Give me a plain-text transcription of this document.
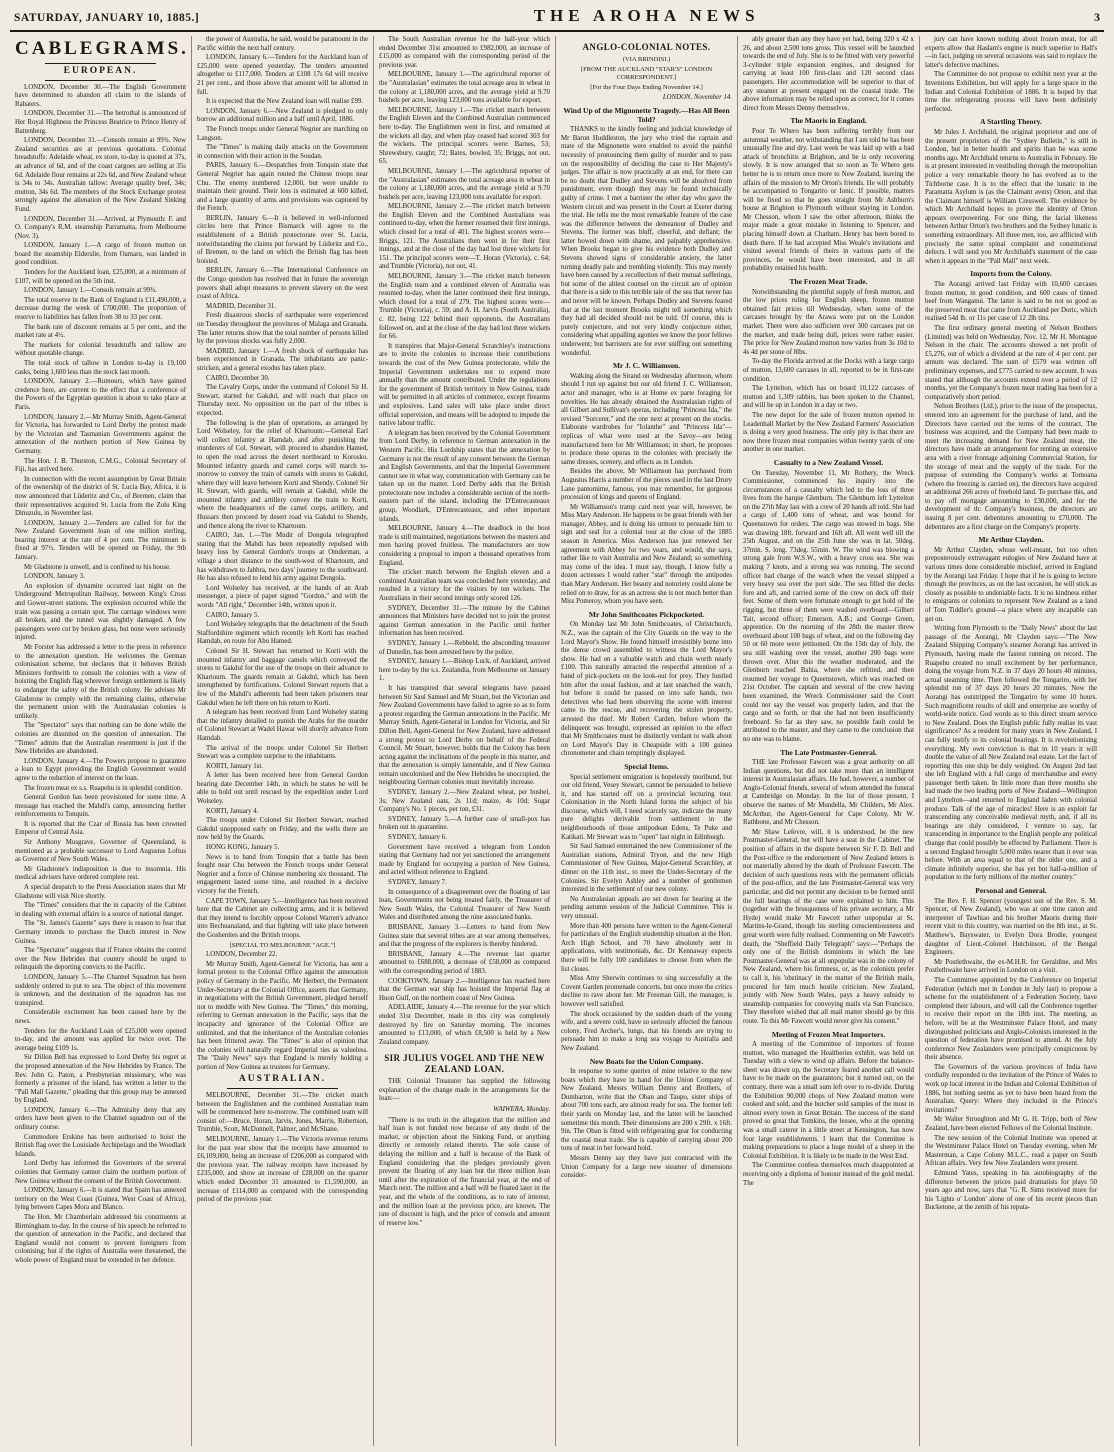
SATURDAY, JANUARY 10, 1885.]	THE AROHA NEWS	3
CABLEGRAMS.
EUROPEAN.

LONDON, December 30.—The English Government have determined to abandon all claim to the islands of Rabaters.

LONDON, December 31.—The betrothal is announced of Her Royal Highness the Princess Beatrice to Prince Henry of Battenberg.

LONDON, December 31.—Consols remain at 99¾. New Zealand securities are at previous quotations. Colonial breadstuffs: Adelaide wheat, ex store, to-day is quoted at 37s, an advance of 6d, and of the coast cargoes are selling at 35s 6d. Adelaide flour remains at 22s 6d, and New Zealand wheat is 34s to 34s. Australian tallow: Average quality beef, 34s; mutton, 34s 6d. The members of the Stock Exchange protest strongly against the alienation of the New Zealand Sinking Fund.

LONDON, December 31.—Arrived, at Plymouth: F. and O. Company's R.M. steamship Parramatta, from Melbourne (Nov. 3).

LONDON, January 1.—A cargo of frozen mutton on board the steamship Elderslie, from Oamaru, was landed in good condition.

Tenders for the Auckland loan, £25,000, at a minimum of £107, will be opened on the 5th inst.

LONDON, January 1.—Consols remain at 99¾.

The total reserve in the Bank of England is £11,490,000, a decrease during the week of £700,000. The proportion of reserve to liabilities has fallen from 38 to 33 per cent.

The bank rate of discount remains at 5 per cent., and the market rate at 4½.

The markets for colonial breadstuffs and tallow are without quotable change.

The total stock of tallow in London to-day is 19,100 casks, being 1,600 less than the stock last month.

LONDON, January 2.—Rumours, which have gained credence here, are current to the effect that a conference of the Powers of the Egyptian question is about to take place at Paris.

LONDON, January 2.—Mr Murray Smith, Agent-General for Victoria, has forwarded to Lord Derby the protest made by the Victorian and Tasmanian Governments against the annexation of the northern portion of New Guinea by Germany.

The Hon. J. B. Thurston, C.M.G., Colonial Secretary of Fiji, has arrived here.

In connection with the recent assumption by Great Britain of the ownership of the district of St. Lucia Bay, Africa, it is now announced that Lüderitz and Co., of Bremen, claim that their representatives acquired St. Lucia from the Zulu King Dinuzulu, in November last.

LONDON, January 2.—Tenders are called for for the New Zealand Government loan of one million sterling, bearing interest at the rate of 4 per cent. The minimum is fixed at 97½. Tenders will be opened on Friday, the 9th January.

Mr Gladstone is unwell, and is confined to his house.

LONDON, January 3.

An explosion of dynamite occurred last night on the Underground Metropolitan Railway, between King's Cross and Gower-street stations. The explosion occurred while the train was passing a certain spot. The carriage windows were all broken, and the tunnel was slightly damaged. A few passengers were cut by broken glass, but none were seriously injured.

Mr Forster has addressed a letter to the press in reference to the annexation question. He welcomes the German colonisation scheme, but declares that it behoves British Ministers forthwith to consult the colonies with a view of hoisting the English flag wherever foreign settlement is likely to endanger the safety of the British colony. He advises Mr Gladstone to comply with the remaining claims, otherwise the permanent union with the Australasian colonies is unlikely.

The "Spectator" says that nothing can be done while the colonies are disunited on the question of annexation. The "Times" admits that the Australian resentment is just if the New Hebrides are abandoned.

LONDON, January 4.—The Powers propose to guarantee a loan to Egypt providing the English Government would agree to the reduction of interest on the loan.

The frozen meat ex s.s. Ruapehu is in splendid condition.

General Gordon has been provisioned for some time. A message has reached the Mahdi's camp, announcing further reinforcements to Tonquin.

It is reported that the Czar of Russia has been crowned Emperor of Central Asia.

Sir Anthony Musgrave, Governor of Queensland, is mentioned as a probable successor to Lord Augustus Loftus as Governor of New South Wales.

Mr Gladstone's indisposition is due to insomnia. His medical advisers have ordered complete rest.

A special despatch to the Press Association states that Mr Gladstone will visit Nice shortly.

The "Times" considers that the in capacity of the Cabinet in dealing with external affairs is a source of national danger.

The "St. James's Gazette" says there is reason to fear that Germany intends to purchase the Dutch interest in New Guinea.

The "Spectator" suggests that if France obtains the control over the New Hebrides that country should be urged to relinquish the deporting convicts to the Pacific.

LONDON, January 5.—The Channel Squadron has been suddenly ordered to put to sea. The object of this movement is unknown, and the destination of the squadron has not transpired.

Considerable excitement has been caused here by the news.

Tenders for the Auckland Loan of £25,000 were opened to-day, and the amount was applied for twice over. The average being £109 1s.

Sir Dillon Bell has expressed to Lord Derby his regret at the proposed annexation of the New Hebrides by France. The Rev. John G. Paton, a Presbyterian missionary, who was formerly a prisoner of the island, has written a letter to the "Pall Mall Gazette," pleading that this group may be annexed by England.

LONDON, January 6.—The Admiralty deny that any orders have been given to the Channel squadron out of the ordinary course.

Commodore Erskine has been authorised to hoist the British flag over the Louisiade Archipelago and the Woodlark Islands.

Lord Derby has informed the Governors of the several colonies that Germany cannot claim the northern portion of New Guinea without the consent of the British Government.

LONDON, January 6.—It is stated that Spain has annexed territory on the West Coast (Guinea, West Coast of Africa), lying between Capes Mora and Blanco.

The Hon. Mr Chamberlain addressed his constituents at Birmingham to-day. In the course of his speech he referred to the question of annexation in the Pacific, and declared that England would not consent to prevent foreigners from colonising; but if the rights of Australia were threatened, the whole power of England must be extended in her defence.

the power of Australia, he said, would be paramount in the Pacific within the next half century.

LONDON, January 6.—Tenders for the Auckland loan of £25,000 were opened yesterday. The tenders amounted altogether to £117,000. Tenders at £108 17s 6d will receive 21 per cent., and those above that amount will be allotted in full.

It is expected that the New Zealand loan will realise £99.

LONDON, January 6.—New Zealand is pledged to only borrow an additional million and a half until April, 1886.

The French troops under General Negrier are marching on Langson.

The "Times" is making daily attacks on the Government in connection with their action in the Soudan.

PARIS, January 6.—Despatches from Tonquin state that General Negrier has again routed the Chinese troops near Chu. The enemy numbered 12,000, but were unable to maintain their ground. Their loss is estimated at 600 killed, and a large quantity of arms and provisions was captured by the French.

BERLIN, January 6.—It is believed in well-informed circles here that Prince Bismarck will agree to the establishment of a British protectorate over St. Lucia, notwithstanding the claims put forward by Lüderitz and Co., of Bremen, to the land on which the British flag has been hoisted.

BERLIN, January 6.—The International Conference on the Congo question has resolved that in future the sovereign powers shall adopt measures to prevent slavery on the west coast of Africa.

MADRID, December 31.

Fresh disastrous shocks of earthquake were experienced on Tuesday throughout the provinces of Malaga and Granada. The latter returns show that the total number of persons killed by the previous shocks was fully 2,000.

MADRID, January 1.—A fresh shock of earthquake has been experienced in Granada. The inhabitants are panic-stricken, and a general exodus has taken place.

CAIRO, December 30.

The Cavalry Corps, under the command of Colonel Sir H. Stewart, started for Gakdul, and will reach that place on Thursday next. No opposition on the part of the tribes is expected.

The following is the plan of operations, as arranged by Lord Wolseley, for the relief of Khartoum:—General Earl will collect infantry at Hamdab, and after punishing the murderers of Col. Stewart, will proceed to abandon Hamed, to open the road across the desert northward to Korosko. Mounted infantry guards and camel corps will march to-morrow to convey the train of camels with stores to Gakdul, where they will leave between Korti and Shendy. Colonel Sir H. Stewart, with guards, will remain at Gakdul, while the mounted infantry and artillery convey the train to Korti, where the headquarters of the camel corps, artillery, and Hussars then proceed by desert road via Gakdul to Shendy, and thence along the river to Khartoum.

CAIRO, Jan. 1.—The Mudir of Dongola telegraphed stating that the Mahdi has been repeatedly repulsed with heavy loss by General Gordon's troops at Omderman, a village a short distance to the south-west of Khartoum, and has withdrawn to Jabbra, two days' journey to the southward. He has also refused to lend his army against Dongola.

Lord Wolseley has received, at the hands of an Arab messenger, a piece of paper signed "Gordon," and with the words "All right," December 14th, written upon it.

CAIRO, January 5.

Lord Wolseley telegraphs that the detachment of the South Staffordshire regiment which recently left Korti has reached Hamdab, en route for Abu Hamed.

Colonel Sir H. Stewart has returned to Korti with the mounted infantry and baggage camels which conveyed the stores to Gakdul for the use of the troops on their advance to Khartoum. The guards remain at Gakdul, which has been strengthened by fortifications. Colonel Stewart reports that a few of the Mahdi's adherents had been taken prisoners near Gakdul when he left there on his return to Korti.

A telegram has been received from Lord Wolseley stating that the infantry detailed to punish the Arabs for the murder of Colonel Stewart at Wadel Hawar will shortly advance from Hamdab.

The arrival of the troops under Colonel Sir Herbert Stewart was a complete surprise to the inhabitants.

KORTI, January 1st.

A letter has been received here from General Gordon bearing date December 14th, in which he states he will be able to hold out until rescued by the expedition under Lord Wolseley.

KORTI, January 4.

The troops under Colonel Sir Herbert Stewart, reached Gakdul unopposed early on Friday, and the wells there are now held by the Guards.

HONG KONG, January 5.

News is to hand from Tonquin that a battle has been fought near Chu between the French troops under General Negrier and a force of Chinese numbering six thousand. The engagement lasted some time, and resulted in a decisive victory for the French.

CAPE TOWN, January 5.—Intelligence has been received here that the Cabinet are collecting arms, and it is believed that they intend to forcibly oppose Colonel Warren's advance into Bechuanaland, and that fighting will take place between the Goshenites and the British troops.

[SPECIAL TO MELBOURNE "AGE."]

LONDON, December 22.

Mr Murray Smith, Agent-General for Victoria, has sent a formal protest to the Colonial Office against the annexation policy of Germany in the Pacific. Mr Herbert, the Permanent Under-Secretary at the Colonial Office, asserts that Germany, in negotiations with the British Government, pledged herself not to meddle with New Guinea. The "Times," this morning, referring to German annexation in the Pacific, says that the incapacity and ignorance of the Colonial Office are unlimited, and that the inheritance of the Australian colonies has been frittered away. The "Times" is also of opinion that the colonies will naturally regard Imperial ties as valueless. The "Daily News" says that England is merely holding a portion of New Guinea as trustees for Germany.

AUSTRALIAN.

MELBOURNE, December 31.—The cricket match between the Englishmen and the combined Australian team will be commenced here to-morrow. The combined team will consist of:—Bruce, Horan, Jarvis, Jones, Marris, Robertson, Trumble, Scott, McDonnell, Palmer, and McShane.

MELBOURNE, January 1.—The Victoria revenue returns for the past year show that the receipts have amounted to £6,109,000, being an increase of £206,000 as compared with the previous year. The railway receipts have increased by £235,000, and show an increase of £28,000 on the quarter which ended December 31 amounted to £1,590,000, an increase of £114,000 as compared with the corresponding period of the previous year.

The South Australian revenue for the half-year which ended December 31st amounted to £982,000, an increase of £15,000 as compared with the corresponding period of the previous year.

MELBOURNE, January 1.—The agricultural reporter of the "Australasian" estimates the total acreage area in wheat in the colony at 1,180,000 acres, and the average yield at 9.70 bushels per acre, leaving 123,000 tons available for export.

MELBOURNE, January 1.—The cricket match between the English Eleven and the Combined Australian commenced here to-day. The Englishmen went in first, and remained at the wickets all day, and when play ceased had scored 303 for the wickets. The principal scorers were: Barnes, 53; Shrewsbury, caught; 72; Bates, bowled, 35; Briggs, not out, 65.

MELBOURNE, January 1.—The agricultural reporter of the "Australasian" estimates the total acreage area in wheat in the colony at 1,180,000 acres, and the average yield at 9.70 bushels per acre, leaving 123,000 tons available for export.

MELBOURNE, January 2.—The cricket match between the English Eleven and the Combined Australians was continued to-day, when the former resumed their first innings, which closed for a total of 401. The highest scorers were—Briggs, 121. The Australians then went in for their first innings, and at the close of the day had lost three wickets for 151. The principal scorers were—T. Horan (Victoria), c. 64; and Trumble (Victoria), not out, 41.

MELBOURNE, January 3.—The cricket match between the English team and a combined eleven of Australia was resumed to-day, when the latter continued their first innings, which closed for a total of 279. The highest scores were—Trumble (Victoria), c. 59; and A. H. Jarvis (South Australia), c. 82, being 122 behind their opponents, the Australians followed on, and at the close of the day had lost three wickets for 66.

It transpires that Major-General Scratchley's instructions are to invite the colonies to increase their contributions towards the cost of the New Guinea protectorate, while the Imperial Government undertakes not to expend more annually than the amount contributed. Under the regulations for the government of British territory in New Guinea, trade will be permitted in all articles of commerce, except firearms and explosives. Land sales will take place under direct official supervision, and means will be adopted to impede the native labour traffic.

A telegram has been received by the Colonial Government from Lord Derby, in reference to German annexation in the Western Pacific. His Lordship states that the annexation by Germany is not the result of any consent between the German and English Governments, and that the Imperial Government cannot see in what way, communication with Germany can be taken up on the matter. Lord Derby adds that the British protectorate now includes a considerable section of the north-eastern part of the island, including the D'Entrecasteaux group, Woodlark, D'Entrecasteaux, and other important islands.

MELBOURNE, January 4.—The deadlock in the boot trade is still maintained, negotiations between the masters and men having proved fruitless. The manufacturers are now considering a proposal to import a thousand operatives from England.

The cricket match between the English eleven and a combined Australian team was concluded here yesterday, and resulted in a victory for the visitors by ten wickets. The Australians in their second innings only scored 126.

SYDNEY, December 31.—The minute by the Cabinet announces that Ministers have decided not to join the protest against German annexation in the Pacific until further information has been received.

SYDNEY, January 1.—Rebbeld, the absconding treasurer of Dunedin, has been arrested here by the police.

SYDNEY, January 1.—Bishop Luck, of Auckland, arrived here to-day by the s.s. Zealandia, from Melbourne on January 1.

It has transpired that several telegrams have passed between Sir Saul Samuel and Mr Stuart, but the Victorian and New Zealand Governments have failed to agree so as to form a protest regarding the German annexations in the Pacific. Mr Murray Smith, Agent-General in London for Victoria, and Sir Dillon Bell, Agent-General for New Zealand, have addressed a strong protest to Lord Derby on behalf of the Federal Council. Mr Stuart, however, holds that the Colony has been acting against the inclinations of the people in this matter, and that the annexation is simply lamentable, and if New Guinea remain uncolonised and the New Hebrides be unoccupied, the neighbouring German colonies must inevitably increase.

SYDNEY, January 2.—New Zealand wheat, per bushel, 3s; New Zealand oats, 2s 11d; maize, 4s 10d; Sugar Company's No. 1 pieces, per ton, £31.

SYDNEY, January 5.—A further case of small-pox has broken out in quarantine.

SYDNEY, January 6.

Government have received a telegram from London stating that Germany had not yet sanctioned the arrangement made by England for occupying a portion of New Guinea, and acted without reference to England.

SYDNEY, January 7.

In consequence of a disagreement over the floating of last loan, Governments not being treated fairly, the Treasurer of New South Wales, the Colonial Treasurer of New South Wales and distributed among the nine associated banks.

BRISBANE, January 3.—Letters to hand from New Guinea state that several tribes are at war among themselves, and that the progress of the explorers is thereby hindered.

BRISBANE, January 4.—The revenue last quarter amounted to £688,000, a decrease of £58,000 as compared with the corresponding period of 1883.

COOKTOWN, January 2.—Intelligence has reached here that the German war ship has hoisted the Imperial flag at Huon Gulf, on the northern coast of New Guinea.

ADELAIDE, January 4.—The revenue for the year which ended 31st December, made in this city was completely destroyed by fire on Saturday morning. The incomes amounted to £13,000, of which £8,500 is held by a New Zealand company.

SIR JULIUS VOGEL AND THE NEW ZEALAND LOAN.

THE Colonial Treasurer has supplied the following explanation of the change made in the arrangements for the loan:—

WAIWERA, Monday.

"There is no truth in the allegation that the million and half loan is not funded now because of any doubt of the market, or objection about the Sinking Fund, or anything directly or remotely related thereto. The sole cause of delaying the million and a half is because of the Bank of England considering that the pledges previously given prevent the floating of any loan but the three million loan until after the expiration of the financial year, at the end of March next. The million and a half will be floated later in the year, and the whole of the conditions, as to rate of interest, and the million loan at the previous price, are known. The rate of discount is high, and the price of consols and amount of reserve low."

ANGLO-COLONIAL NOTES.
(VIA BRINDISI.)
[FROM THE AUCKLAND "STAR'S" LONDON CORRESPONDENT.]
[For the Four Days Ending November 14.]
LONDON, November 14.
Wind Up of the Mignonette Tragedy.—Has All Been Told?

THANKS to the kindly feeling and judicial knowledge of Mr Baron Huddleston, the jury who tried the captain and mate of the Mignonette were enabled to avoid the painful necessity of pronouncing them guilty of murder and to pass on the responsibility of deciding the case to Her Majesty's judges. The affair is now practically at an end, for there can be no doubt that Dudley and Stevens will be absolved from punishment, even though they may be found technically guilty of crime. I met a barrister the other day who gave the Western circuit and was present in the Court at Exeter during the trial. He tells me the most remarkable feature of the case was the difference between the demeanour of Dudley and Stevens. The former was bluff, cheerful, and defiant; the latter bowed down with shame, and palpably apprehensive. When Brooks began to give his evidence both Dudley and Stevens showed signs of considerable anxiety, the latter turning deadly pale and trembling violently. This may merely have been caused by a recollection of their mutual sufferings, but some of the ablest counsel on the circuit are of opinion that there is a side to this terrible tale of the sea that never has and never will be known. Perhaps Dudley and Stevens feared that at the last moment Brooks might tell something which they had all decided should not be told. Of course, this is purely conjecture, and not very kindly conjecture either, considering what appalling agonies we know the poor fellows underwent; but barristers are for ever sniffing out something wonderful.

Mr J. C. Williamson.

Walking along the Strand on Wednesday afternoon, whom should I run up against but our old friend J. C. Williamson, actor and manager, who is at Home ex parte foraging for novelties. He has already obtained the Australasian rights of all Gilbert and Sullivan's operas, including "Princess Ida," the revised "Sorcerer," and the one next at present on the stocks. Elaborate wardrobes for "Iolanthe" and "Princess Ida"—replicas of what were used at the Savoy—are being manufactured here for Mr Williamson; in short, he proposes to produce these operas in the colonies with precisely the same dresses, scenery, and effects as in London.

Besides the above, Mr Williamson has purchased from Augustus Harris a number of the pieces used in the last Drury Lane pantomime, famous, you may remember, for gorgeous procession of kings and queens of England.

Mr Williamson's tramp card next year will, however, be Miss Mary Anderson. He happens to be great friends with her manager, Abbey, and is doing his utmost to persuade him to sign and seal for a colonial tour at the close of the 1885 season in America. Miss Anderson has just renewed her agreement with Abbey for two years, and would, she says, rather like to visit Australia and New Zealand; so something may come of the idea. I must say, though, I know fully a dozen actresses I would rather "star" through the antipodes than Mary Anderson. Her beauty and notoriety could alone be relied on to draw, for as an actress she is not much better than Miss Pomeroy, whom you have seen.

Mr John Smithcoates Pickpocketed.

On Monday last Mr John Smithcoates, of Christchurch, N.Z., was the captain of the City Guards on the way to the Lord Mayor's Show. He found himself irresistibly borne into the dense crowd assembled to witness the Lord Mayor's show. He had on a valuable watch and chain worth nearly £100. This naturally attracted the respectful attention of a band of pick-pockets on the look-out for prey. They hustled him after the usual fashion, and at last snatched the watch, but before it could be passed on into safe hands, two detectives who had been observing the scene with interest came to the rescue, and recovering the stolen property, arrested the thief. Mr Robert Carden, before whom the delinquent was brought, expressed an opinion to the effect that Mr Smithcoates must be distinctly verdant to walk about on Lord Mayor's Day in Cheapside with a 100 guinea chronometer and chain temptingly displayed.

Special Items.

Special settlement emigration is hopelessly moribund, but our old friend, Vesey Stewart, cannot be persuaded to believe it, and has started off on a provincial lecturing tour. Colonisation in the North Island forms the subject of his discourse, which will, I need scarcely say, indicate the many pure delights derivable from settlement in the neighbourhoods of those antipodean Edens, Te Puke and Katikati. Mr Stewart was to "open" last night in Edinburgh.

Sir Saul Samuel entertained the new Commissioner of the Australian stations, Admiral Tryon, and the new High Commissioner of New Guinea, Major-General Scratchley, at dinner on the 11th inst., to meet the Under-Secretary of the Colonies. Sir Evelyn Ashley and a number of gentlemen interested in the settlement of our new colony.

No Australasian appeals are set down for hearing at the pending autumn session of the Judicial Committee. This is very unusual.

More than 400 persons have written to the Agent-General for particulars of the English studentship situation at the Hon. Arch High School, and 70 have absolutely sent in applications, with testimonials, &c. Dr Kennaway expects there will be fully 100 candidates to choose from when the list closes.

Miss Amy Sherwin continues to sing successfully at the Covent Garden promenade concerts, but once more the critics decline to rave about her. Mr Freeman Gill, the manager, is however well satisfied.

The shock occasioned by the sudden death of the young wife, and a severe cold, have so seriously affected the famous colony, Fred Archer's, lungs, that his friends are trying to persuade him to make a long sea voyage to Australia and New Zealand.

New Boats for the Union Company.

In response to some queries of mine relative to the new boats which they have in hand for the Union Company of New Zealand, Messrs William Denny and Brothers, of Dumbarton, write that the Oban and Taupo, sister ships of about 700 tons each, are almost ready for sea. The former left their yards on Monday last, and the latter will be launched sometime this month. Their dimensions are 200 x 29ft. x 16ft. 9in. The Oban is fitted with refrigerating gear for conducting the coastal meat trade. She is capable of carrying about 200 tons of meat in her forward hold.

Messrs Denny say they have just contracted with the Union Company for a large new steamer of dimensions consider-

ably greater than any they have yet had, being 320 x 42 x 26, and about 2,500 tons gross. This vessel will be launched towards the end of July. She is to be fitted with very powerful 3-cylinder triple expansion engines, and designed for carrying at least 100 first-class and 120 second class passengers. Her accommodation will be superior to that of any steamer at present engaged on the coastal trade. The above information may be relied upon as correct, for it comes direct from Messrs Denny themselves.

The Maoris in England.

Poor Te Whero has been suffering terribly from our autumnal weather, not withstanding that I am told he has been unusually fine and dry. Last week he was laid up with a bad attack of bronchitis at Brighton, and he is only recovering slowly. It is now arranged that so soon as Te Whero gets better he is to return once more to New Zealand, leaving the affairs of the mission to Mr Orton's friends. He will probably be accompanied to Tongariro or Ionic. If possible, matters will be fixed so that he goes straight from Mr Ashburn's house at Brighton to Plymouth without staying in London. Mr Chesson, whom I saw the other afternoon, thinks the major made a great mistake in listening to Spencer, and placing himself down at Chatham. Henry has been bored to death there. If he had accepted Miss Weale's invitations and visited several friends of theirs in various parts of the provinces, he would have been interested, and in all probability retained his health.

The Frozen Meat Trade.

Notwithstanding the plentiful supply of fresh mutton, and the low prices ruling for English sheep, frozen mutton obtained fair prices till Wednesday, when some of the carcases brought by the Arawa were put on the London market. There were also sufficient over 300 carcases put on the market, and trade being dull, prices were rather easier. The price for New Zealand mutton now varies from 3s 10d to 4s 4d per stone of 8lbs.

To-day the Florida arrived at the Docks with a large cargo of mutton, 13,600 carcases in all, reported to be in first-rate condition.

The Lyttelton, which has on board 10,122 carcases of mutton and 1,309 rabbits, has been spoken in the Channel, and will be up in London in a day or two.

The new depot for the sale of frozen mutton opened in Leadenhall Market by the New Zealand Farmers' Association is doing a very good business. The only pity is that there are now three frozen meat companies within twenty yards of one another in one market.

Casualty to a New Zealand Vessel.

On Tuesday, November 11, Mr Rothery, the Wreck Commissioner, commenced his inquiry into the circumstances of a casualty which led to the loss of three lives from the barque Glenburn. The Glenburn left Lyttelton on the 27th May last with a crew of 20 hands all told. She had a cargo of 1,400 tons of wheat, and was bound for Queenstown for orders. The cargo was stowed in bags. She was drawing 18ft. forward and 16ft aft. All went well till the 25th August, and on the 25th June she was in lat. 50deg. 37min. S, long. 73deg. 55min. W. The wind was blowing a strong gale from W.S.W., with a heavy cross sea. She was making 7 knots, and a strong sea was running. The second officer had charge of the watch when the vessel shipped a very heavy sea over the port side. The sea filled the decks fore and aft, and carried some of the crew on deck off their feet. Some of them were fortunate enough to get hold of the rigging, but three of them were washed overboard—Gilbert Tait, second officer; Emerson, A.B.; and George Green, apprentice. On the morning of the 28th the master threw overboard about 100 bags of wheat, and on the following day 50 or 60 more were jettisoned. On the 15th day of July, the sea still washing over the vessel, another 200 bags were thrown over. After this the weather moderated, and the Glenburn reached Bahia, where she refitted, and then resumed her voyage to Queenstown, which was reached on 21st October. The captain and several of the crew having been examined, the Wreck Commissioner said the Court could not say the vessel was properly laden, and that the cargo and so forth, or that she had not been insufficiently freeboard. So far as they saw, no possible fault could be attributed to the master, and they came to the conclusion that no one was to blame.

The Late Postmaster-General.

THE late Professor Fawcett was a great authority on all Indian questions, but did not take more than an intelligent interest in Australasian affairs. He had, however, a number of Anglo-Colonial friends, several of whom attended the funeral at Cambridge on Monday. In the list of those present, I observe the names of Mr Mundella, Mr Childers, Mr Alex. McArthur, the Agent-General for Cape Colony, Mr W. Rathbone, and Mr Chesson.

Mr Shaw Lefevre, will, it is understood, be the new Postmaster-General, but will have a seat in the Cabinet. The position of affairs in the dispute between Sir F. D. Bell and the Post-office re the endorsement of New Zealand letters is not materially altered by the death of Professor Fawcett. The decision of such questions rests with the permanent officials of the post-office, and the late Postmaster-General was very particular, and did not permit any decision to be formed until the full bearings of the case were explained to him. This (together with the brusqueness of his private secretary, a Mr Hyde) would make Mr Fawcett rather unpopular at St. Martins-le-Grand, though his sterling conscientiousness and great worth were fully realised. Commenting on Mr Fawcett's death, the "Sheffield Daily Telegraph" says:—"Perhaps the only one of the British dominions in which the late Postmaster-General was at all unpopular was in the colony of New Zealand, where his firmness, or, as the colonists prefer to call it, his 'obstinacy' in the matter of the British mails, procured for him much hostile criticism. New Zealand, jointly with New South Wales, pays a heavy subsidy to steamship companies for conveying mails via San Francisco. They therefore wished that all mail matter should go by this route. To this Mr Fawcett would never give his consent."

Meeting of Frozen Meat Importers.

A meeting of the Committee of importers of frozen mutton, who managed the Healtheries exhibit, was held on Tuesday with a view to wind up affairs. Before the balance-sheet was drawn up, the Secretary feared another call would have to be made on the guarantors; but it turned out, on the contrary, there was a small sum left over to re-divide. During the Exhibition 90,000 chops of New Zealand mutton were cooked and sold, and the butcher sold samples of the most in almost every town in Great Britain. The success of the stand proved so great that Tomkins, the lessee, who at the opening was a small caterer in a little street at Kensington, has now four large establishments. I learn that the Committee is making preparations to place a huge model of a sheep in the Colonial Exhibition. It is likely to be made in the West End.

The Committee confess themselves much disappointed at receiving only a diploma of honour instead of the gold medal. The

jury can have known nothing about frozen meat, for all experts allow that Haslam's engine is much superior to Hall's—in fact, judging on several occasions was said to replace the latter's defective machines.

The Committee do not propose to exhibit next year at the Inventions Exhibition, but will apply for a large space in the Indian and Colonial Exhibition of 1886. It is hoped by that time the refrigerating process will have been definitely perfected.

A Startling Theory.

Mr Jules J. Archibald, the original proprietor and one of the present proprietors of the "Sydney Bulletin," is still in London, but in better health and spirits than he was some months ago. Mr Archibald returns to Australia in February. He is at present interested in vestibuling through the metropolitan police a very remarkable theory he has evolved as to the Tichborne case. It is to the effect that the lunatic in the Paramatta Asylum is (as the Claimant avers) Orton, and that the Claimant himself is William Cresswell. The evidence by which Mr Archibald hopes to prove the identity of Orton appears overpowering. For one thing, the facial likeness between Arthur Orton's two brothers and the Sydney lunatic is something extraordinary. All three men, too, are afflicted with precisely the same spinal complaint and constitutional defects. I will send you Mr Archibald's statement of the case when it appears in the "Pall Mall" next week.

Imports from the Colony.

The Aorangi arrived last Friday with 10,600 carcases frozen mutton, in good condition, and 600 cases of tinned beef from Wanganui. The latter is said to be not so good as the preserved meat that came from Auckland per Doric, which realised 54d lb. or 11s per case of 12 2lb tins.

The first ordinary general meeting of Nelson Brothers (Limited) was held on Wednesday, Nov. 12, Mr H. Montague Nelson in the chair. The accounts showed a net profit of £5,276, out of which a dividend at the rate of 4 per cent. per annum was declared. The sum of £579 was written off preliminary expenses, and £775 carried to new account. It was stated that although the accounts extend over a period of 12 months, yet the Company's frozen meat trading has been for a comparatively short period.

Nelson Brothers (Ltd.), prior to the issue of the prospectus, entered into an agreement for the purchase of land, and the Directors have carried out the terms of the contract. The business was acquired, and the Company had been made to meet the increasing demand for New Zealand meat, the directors have made an arrangement for renting an extensive area with a river frontage adjoining Commercial Station, for the storage of meat and the supply of the trade. For the purpose of extending the Company's works at Tomoana (where the freezing is carried on), the directors have acquired an additional 266 acres of freehold land. To purchase this, and to pay off mortgage amounting to £30,000, and for the development of th: Company's business, the directors are issuing 8 per cent. debentures amounting to £70,000. The debentures are a first charge on the Company's property.

Mr Arthur Clayden.

Mr Arthur Clayden, whose well-meant, but too often preposterously extravagant eulogies of New Zealand have at various times done considerable mischief, arrived in England by the Aorangi last Friday. I hope that if he is going to lecture through the provinces, as on the last occasion, he will stick as closely as possible to undeniable facts. It is no kindness either to emigrants or colonists to represent New Zealand as a land of Tom Tiddler's ground—a place where any incapable can get on.

Writing from Plymouth to the "Daily News" about the last passage of the Aorangi, Mr Clayden says:—"The New Zealand Shipping Company's steamer Aorangi has arrived in Plymouth, having made the fastest running on record. The Ruapehu created no small excitement by her performance, doing the voyage from N.Z. in 37 days 20 hours 40 minutes, actual steaming time. Then followed the Tongariro, with her splendid run of 37 days 20 hours 20 minutes. Now the Aorangi has outstripped the Tongariro by some 10 hours. Such magnificent results of skill and enterprise are worthy of world-wide notice. God words as to this direct steam service to New Zealand. Does the English public fully realise its vast significance? As a resident for many years in New Zealand, I can fully testify to its colonial bearings. It is revolutionising everything. My own conviction is that in 10 years it will double the value of all New Zealand real estate. Let the fact of reporting this one ship be duly weighed. On August 2nd last she left England with a full cargo of merchandise and every passenger berth taken. In little more than three months she had made the two leading ports of New Zealand—Wellington and Lyttelton—and returned to England laden with colonial produce. Talk of the age of miracles! Here is an exploit far transcending any conceivable medieval myth, and, if all its bearings are duly considered, I venture to say, far transcending in importance to the English people any political change that could possibly be effected by Parliament. There is a second England brought 5,000 miles nearer than it ever was before. With an area equal to that of the older one, and a climate infinitely superior, she has yet but half-a-million of population to the forty millions of the mother country."

Personal and General.

The Rev. F. H. Spencer (youngest son of the Rev. S. M. Spencer, of New Zealand), who was at one time canon and interpreter of Tawhiao and his brother Maoris during their recent visit to this country, was married on the 8th inst., at St. Matthew's, Bayswater, to Evelyn Dora Brodie, youngest daughter of Lieut.-Colonel Hutchinson, of the Bengal Engineers.

Mr Postlethwaite, the ex-M.H.R. for Geraldine, and Mrs Postlethwaite have arrived in London on a visit.

The Committee appointed by the Conference on Imperial Federation (which met in London in July last) to propose a scheme for the establishment of a Federation Society, have completed their labours, and will call the Conference together to receive their report on the 18th inst. The meeting, as before, will be at the Westminster Palace Hotel, and many distinguished politicians and Anglo-Colonists interested in the question of federation have promised to attend. At the July conference New Zealanders were principally conspicuous by their absence.

The Governors of the various provinces of India have cordially responded to the invitation of the Prince of Wales to work up local interest in the Indian and Colonial Exhibition of 1886, but nothing seems as yet to have been heard from the Australian. Query: Where they included in the Prince's invitations?

Mr Walter Stroughton and Mr G. H. Tripp, both of New Zealand, have been elected Fellows of the Colonial Institute.

The new session of the Colonial Institute was opened at the Westminster Palace Hotel on Tuesday evening, when Mr Masterman, a Cape Colony M.L.C., read a paper on South African affairs. Very few New Zealanders were present.

Edmund Yates, speaking in his autobiography of the difference between the prices paid dramatists for plays 50 years ago and now, says that "G. R. Sims received more for his 'Lights o' London' alone of one of his recent pieces than Bucketone, at the zenith of his reputa-
